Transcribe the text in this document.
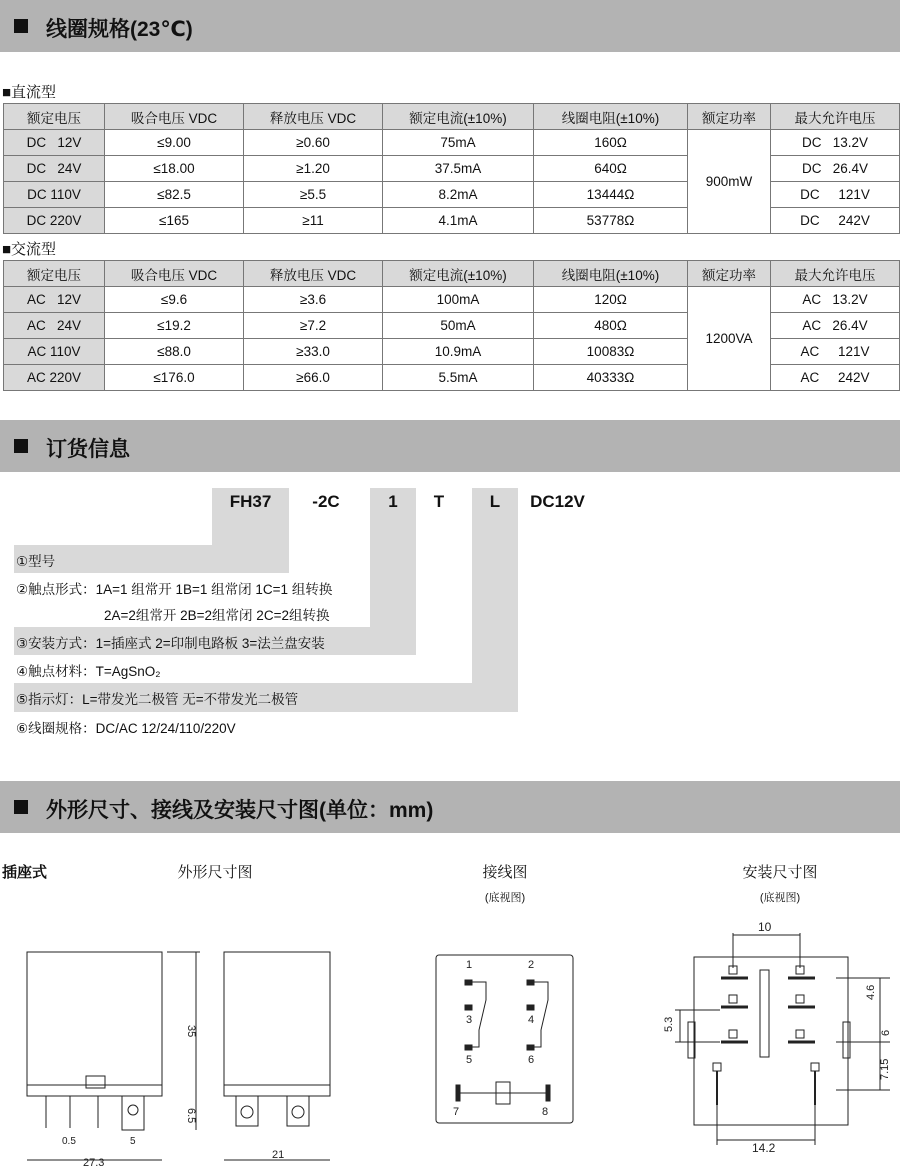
线圈规格(23℃)
■直流型
额定电压	吸合电压 VDC	释放电压 VDC	额定电流(±10%)	线圈电阻(±10%)	额定功率	最大允许电压
DC   12V	≤9.00	≥0.60	75mA	160Ω	900mW	DC   13.2V
DC   24V	≤18.00	≥1.20	37.5mA	640Ω		DC   26.4V
DC 110V	≤82.5	≥5.5	8.2mA	13444Ω		DC     121V
DC 220V	≤165	≥11	4.1mA	53778Ω		DC     242V
■交流型
额定电压	吸合电压 VDC	释放电压 VDC	额定电流(±10%)	线圈电阻(±10%)	额定功率	最大允许电压
AC   12V	≤9.6	≥3.6	100mA	120Ω	1200VA	AC   13.2V
AC   24V	≤19.2	≥7.2	50mA	480Ω		AC   26.4V
AC 110V	≤88.0	≥33.0	10.9mA	10083Ω		AC     121V
AC 220V	≤176.0	≥66.0	5.5mA	40333Ω		AC     242V
订货信息
FH37	-2C	1	T	L	DC12V
①型号
②触点形式：1A=1 组常开 1B=1 组常闭 1C=1 组转换
2A=2组常开 2B=2组常闭 2C=2组转换
③安装方式：1=插座式 2=印制电路板 3=法兰盘安装
④触点材料：T=AgSnO₂
⑤指示灯：L=带发光二极管 无=不带发光二极管
⑥线圈规格：DC/AC 12/24/110/220V
外形尺寸、接线及安装尺寸图(单位：mm)
插座式	外形尺寸图	接线图
(底视图)
安装尺寸图
(底视图)
35
6.5
0.5	5
27.3
21
1	2
3	4
5	6
7	8
10
4.6
6
7.15
5.3
14.2
